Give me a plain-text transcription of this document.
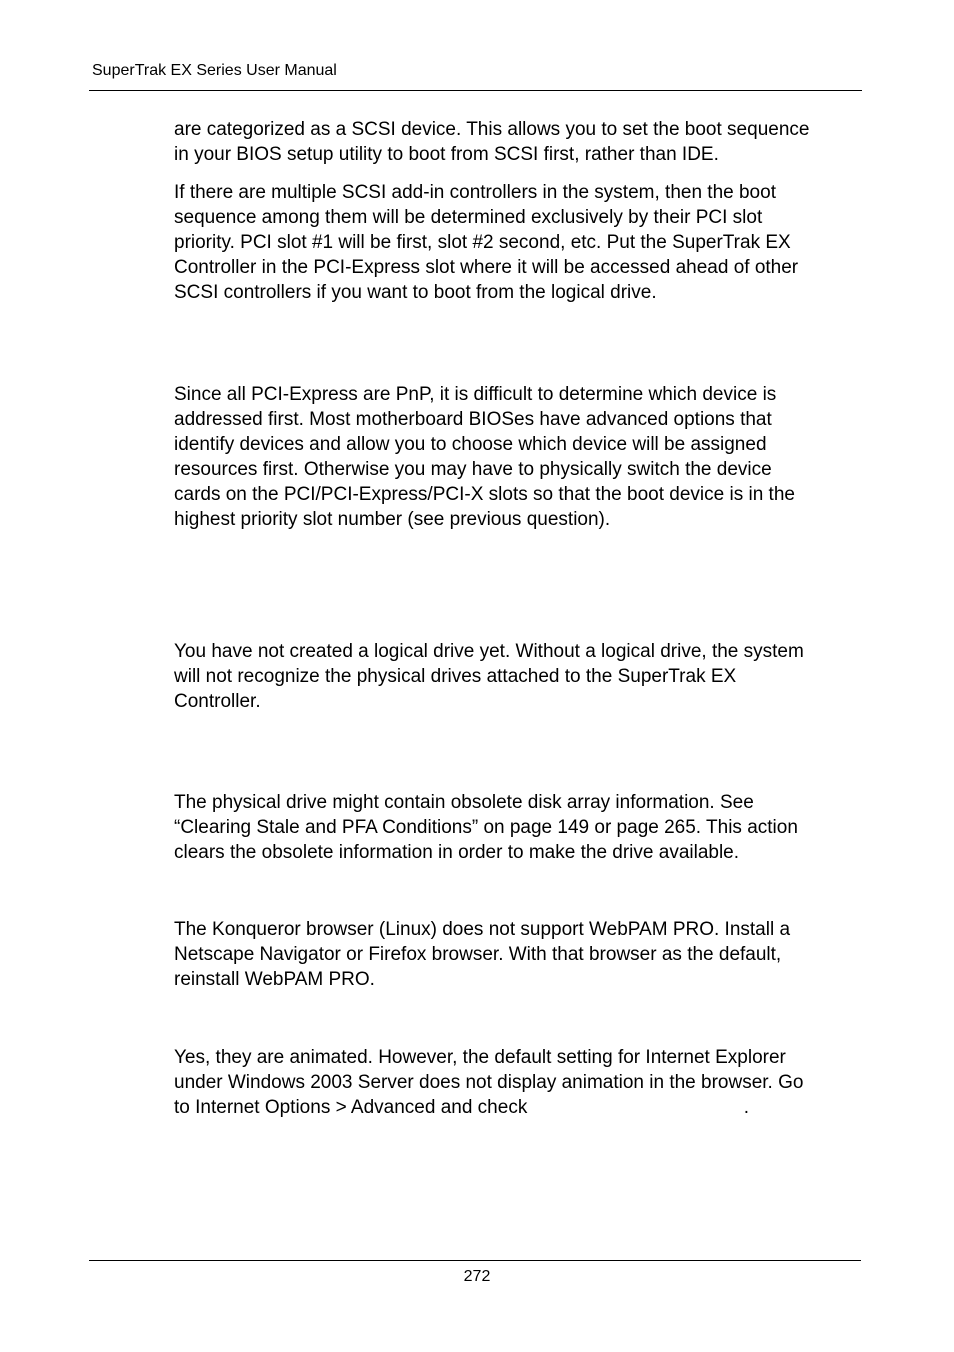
SuperTrak EX Series User Manual

are categorized as a SCSI device. This allows you to set the boot sequence
in your BIOS setup utility to boot from SCSI first, rather than IDE.

If there are multiple SCSI add-in controllers in the system, then the boot
sequence among them will be determined exclusively by their PCI slot
priority. PCI slot #1 will be first, slot #2 second, etc. Put the SuperTrak EX
Controller in the PCI-Express slot where it will be accessed ahead of other
SCSI controllers if you want to boot from the logical drive.

Since all PCI-Express are PnP, it is difficult to determine which device is
addressed first. Most motherboard BIOSes have advanced options that
identify devices and allow you to choose which device will be assigned
resources first. Otherwise you may have to physically switch the device
cards on the PCI/PCI-Express/PCI-X slots so that the boot device is in the
highest priority slot number (see previous question).

You have not created a logical drive yet. Without a logical drive, the system
will not recognize the physical drives attached to the SuperTrak EX
Controller.

The physical drive might contain obsolete disk array information. See
“Clearing Stale and PFA Conditions” on page 149 or page 265. This action
clears the obsolete information in order to make the drive available.

The Konqueror browser (Linux) does not support WebPAM PRO. Install a
Netscape Navigator or Firefox browser. With that browser as the default,
reinstall WebPAM PRO.

Yes, they are animated. However, the default setting for Internet Explorer
under Windows 2003 Server does not display animation in the browser. Go
to Internet Options > Advanced and check                                         .

272
